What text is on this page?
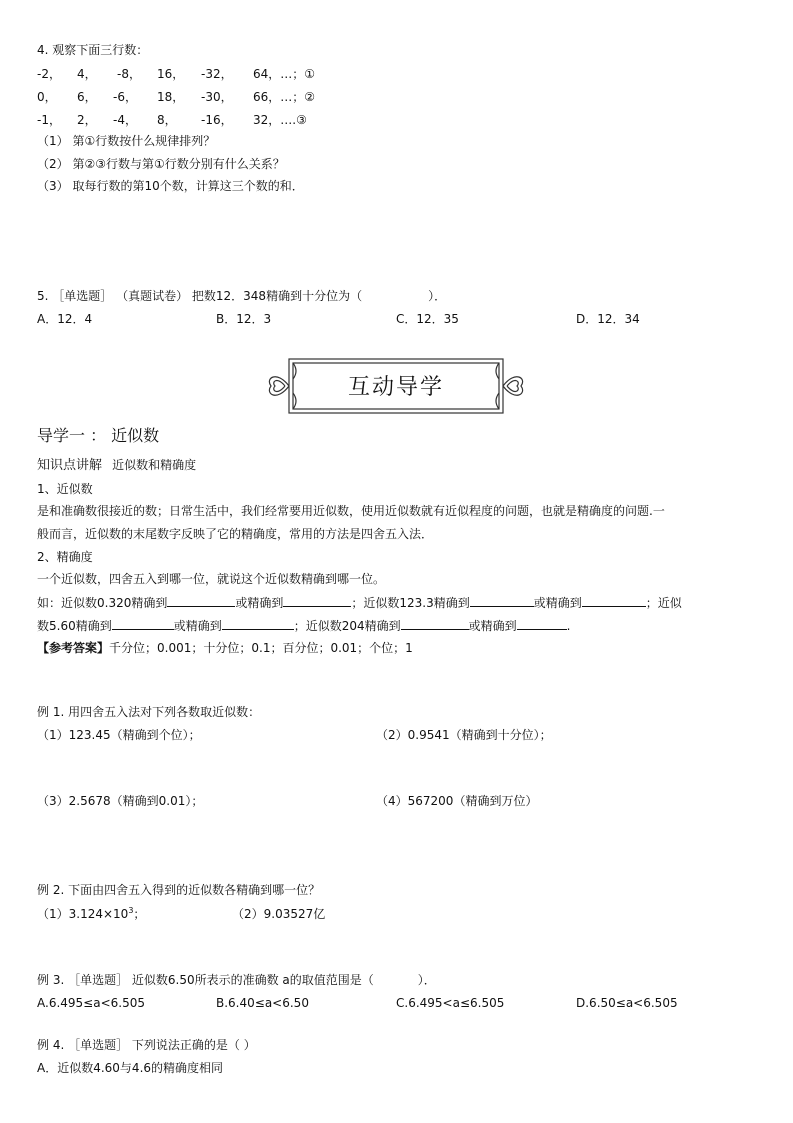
4. 观察下面三行数：
-2， 4， -8， 16， -32， 64，…；①
0， 6， -6， 18， -30， 66，…；②
-1， 2， -4， 8， -16， 32，….③
（1） 第①行数按什么规律排列？
（2） 第②③行数与第①行数分别有什么关系？
（3） 取每行数的第10个数，计算这三个数的和．
5. ［单选题］ （真题试卷） 把数12．348精确到十分位为（	）．
A．12．4	B．12．3	C．12．35	D．12．34
互动导学
导学一 ： 近似数
知识点讲解 近似数和精确度
1、近似数
是和准确数很接近的数；日常生活中，我们经常要用近似数，使用近似数就有近似程度的问题，也就是精确度的问题.一
般而言，近似数的末尾数字反映了它的精确度，常用的方法是四舍五入法．
2、精确度
一个近似数，四舍五入到哪一位，就说这个近似数精确到哪一位。
如：近似数0.320精确到	或精确到	；近似数123.3精确到	或精确到	；近似
数5.60精确到	或精确到	；近似数204精确到	或精确到	.
【参考答案】千分位；0.001；十分位；0.1；百分位；0.01；个位；1
例 1. 用四舍五入法对下列各数取近似数：
（1）123.45（精确到个位）；	（2）0.9541（精确到十分位）；
（3）2.5678（精确到0.01）；	（4）567200（精确到万位）
例 2. 下面由四舍五入得到的近似数各精确到哪一位？
$(1)3.124\times 10^3$；	（2）9.03527亿
例 3. ［单选题］ 近似数6.50所表示的准确数 a的取值范围是（	）．
A.6.495≤a<6.505	B.6.40≤a<6.50	C.6.495<a≤6.505	D.6.50≤a<6.505
例 4. ［单选题］ 下列说法正确的是（ ）
A．近似数4.60与4.6的精确度相同
